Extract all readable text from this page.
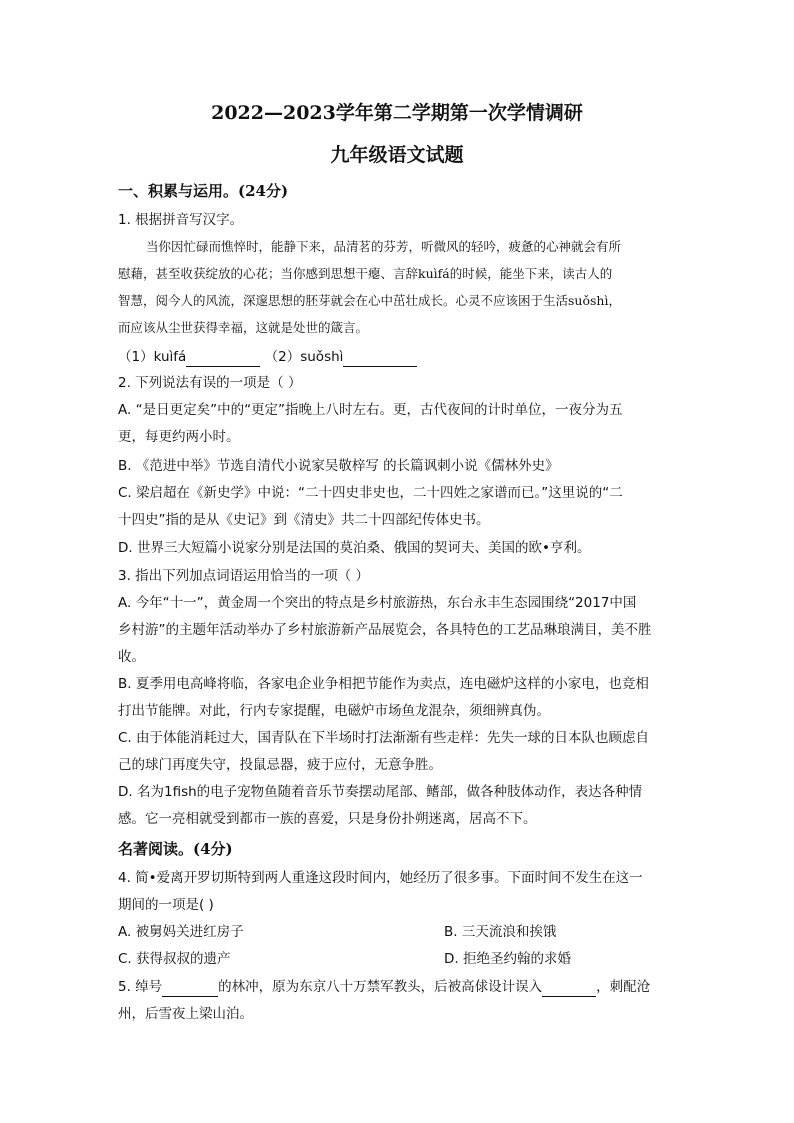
2022—2023学年第二学期第一次学情调研
九年级语文试题
一、积累与运用。(24分)
1. 根据拼音写汉字。

当你因忙碌而憔悴时，能静下来，品清茗的芬芳，听微风的轻吟，疲惫的心神就会有所

慰藉，甚至收获绽放的心花；当你感到思想干瘪、言辞kuìfá的时候，能坐下来，读古人的

智慧，阅今人的风流，深邃思想的胚芽就会在心中茁壮成长。心灵不应该困于生活suǒshì，

而应该从尘世获得幸福，这就是处世的箴言。

（1）kuìfá	（2）suǒshì
2. 下列说法有误的一项是（ ）
A. “是日更定矣”中的“更定”指晚上八时左右。更，古代夜间的计时单位，一夜分为五
更，每更约两小时。
B. 《范进中举》节选自清代小说家吴敬梓写 的长篇讽刺小说《儒林外史》
C. 梁启超在《新史学》中说：“二十四史非史也，二十四姓之家谱而已。”这里说的“二
十四史”指的是从《史记》到《清史》共二十四部纪传体史书。
D. 世界三大短篇小说家分别是法国的莫泊桑、俄国的契诃夫、美国的欧•亨利。
3. 指出下列加点词语运用恰当的一项（ ）
A. 今年“十一”，黄金周一个突出的特点是乡村旅游热，东台永丰生态园围绕“2017中国
乡村游”的主题年活动举办了乡村旅游新产品展览会，各具特色的工艺品琳琅满目，美不胜
收。
B. 夏季用电高峰将临，各家电企业争相把节能作为卖点，连电磁炉这样的小家电，也竞相
打出节能牌。对此，行内专家提醒，电磁炉市场鱼龙混杂，须细辨真伪。
C. 由于体能消耗过大，国青队在下半场时打法渐渐有些走样：先失一球的日本队也顾虑自
己的球门再度失守，投鼠忌器，疲于应付，无意争胜。
D. 名为1fish的电子宠物鱼随着音乐节奏摆动尾部、鳍部，做各种肢体动作，表达各种情
感。它一亮相就受到都市一族的喜爱，只是身份扑朔迷离，居高不下。
名著阅读。(4分)
4. 简•爱离开罗切斯特到两人重逢这段时间内，她经历了很多事。下面时间不发生在这一
期间的一项是( )
A. 被舅妈关进红房子	B. 三天流浪和挨饿
C. 获得叔叔的遗产	D. 拒绝圣约翰的求婚
5. 绰号	的林冲，原为东京八十万禁军教头，后被高俅设计误入	，刺配沧
州，后雪夜上梁山泊。
